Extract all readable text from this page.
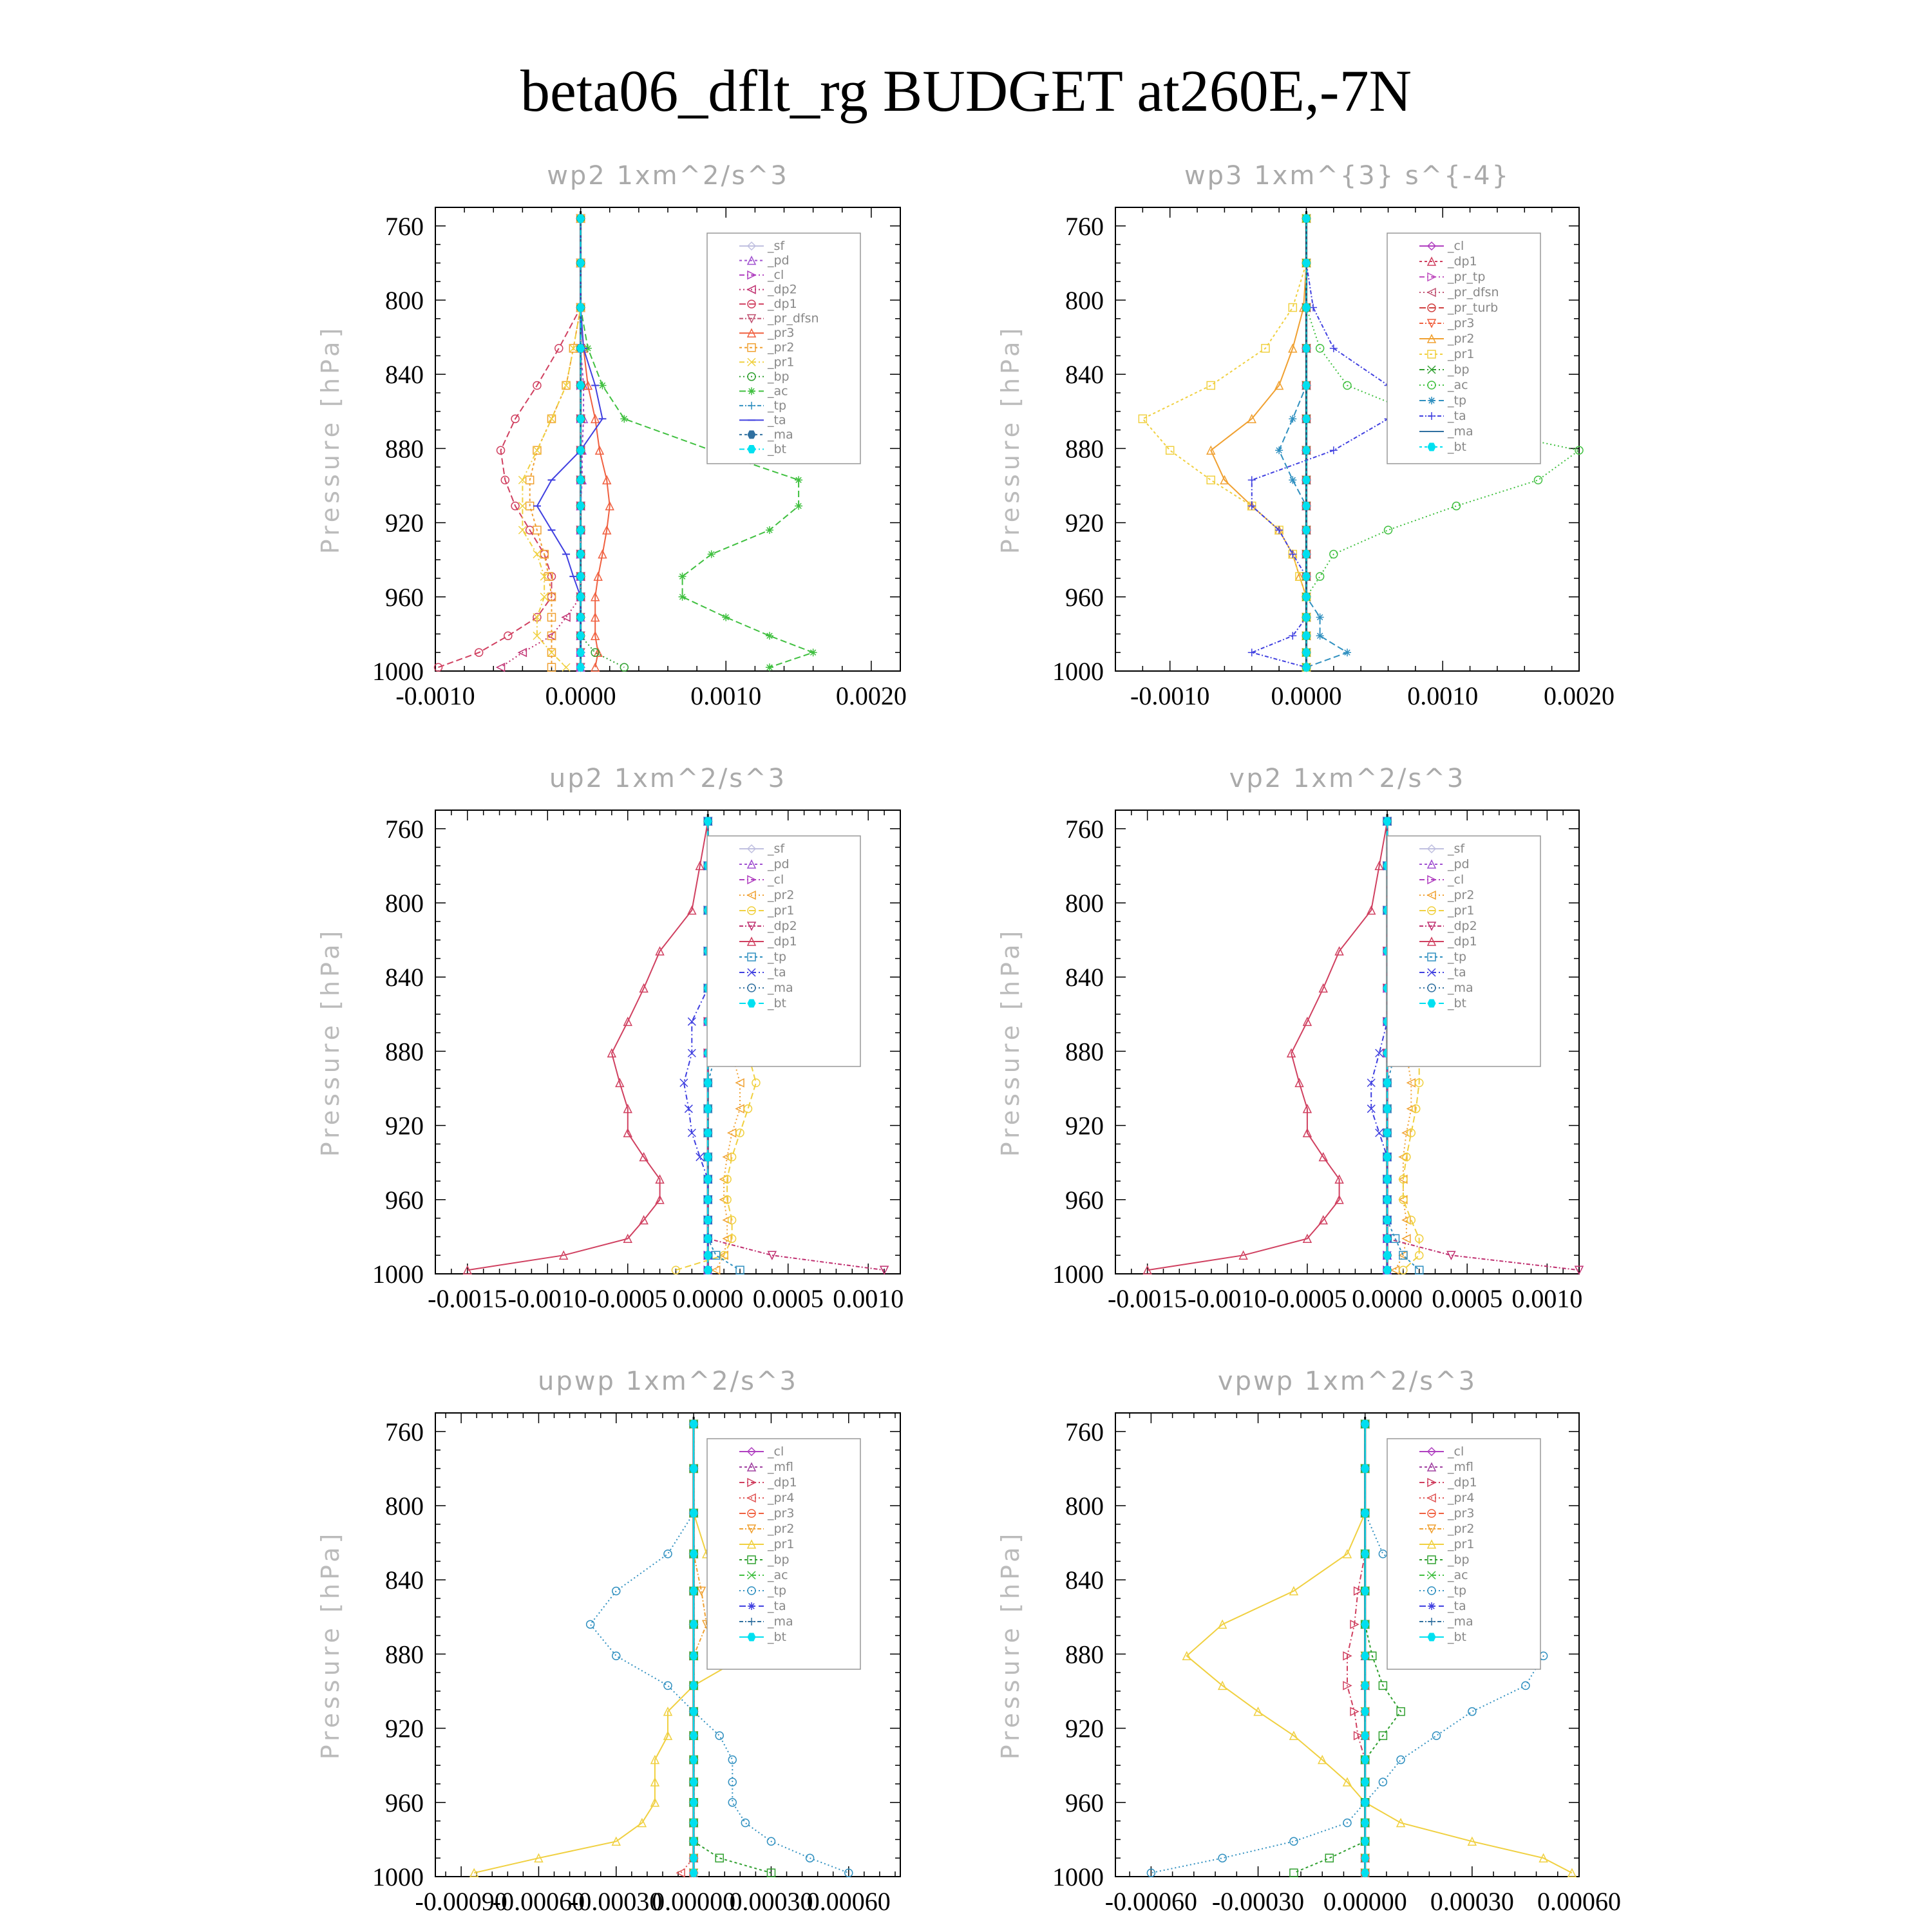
beta06_dflt_rg BUDGET at260E,-7N
wp2 1xm^2/s^3
Pressure [hPa]
760
800
840
880
920
960
1000
-0.0010	0.0000	0.0010	0.0020
_sf
_pd
_cl
_dp2
_dp1
_pr_dfsn
_pr3
_pr2
_pr1
_bp
_ac
_tp
_ta
_ma
_bt
wp3 1xm^{3} s^{-4}
Pressure [hPa]
760
800
840
880
920
960
1000
-0.0010 0.0000	0.0010	0.0020
_cl
_dp1
_pr_tp
_pr_dfsn
_pr_turb
_pr3
_pr2
_pr1
_bp
_ac
_tp
_ta
_ma
_bt
up2 1xm^2/s^3
Pressure [hPa]
760
800
840
880
920
960
1000
-0.0015 -0.0010 -0.0005 0.0000 0.0005 0.0010
_sf
_pd
_cl
_pr2
_pr1
_dp2
_dp1
_tp
_ta
_ma
_bt
vp2 1xm^2/s^3
Pressure [hPa]
760
800
840
880
920
960
1000
-0.0015 -0.0010 -0.0005 0.0000 0.0005 0.0010
_sf
_pd
_cl
_pr2
_pr1
_dp2
_dp1
_tp
_ta
_ma
_bt
upwp 1xm^2/s^3
Pressure [hPa]
760
800
840
880
920
960
1000
-0.00090
-0.00060
-0.00030
0.00000
0.00030
0.00060
_cl
_mfl
_dp1
_pr4
_pr3
_pr2
_pr1
_bp
_ac
_tp
_ta
_ma
_bt
vpwp 1xm^2/s^3
Pressure [hPa]
760
800
840
880
920
960
1000
-0.00060 -0.00030 0.00000 0.00030 0.00060
_cl
_mfl
_dp1
_pr4
_pr3
_pr2
_pr1
_bp
_ac
_tp
_ta
_ma
_bt
